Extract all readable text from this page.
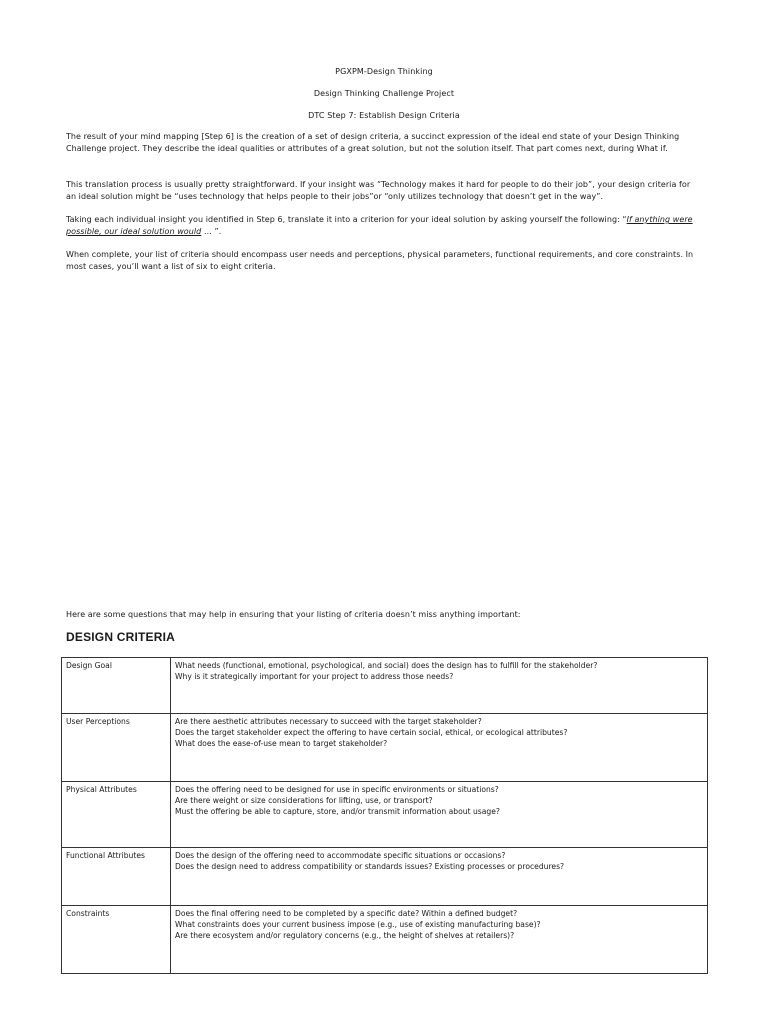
PGXPM-Design Thinking
Design Thinking Challenge Project
DTC Step 7: Establish Design Criteria
The result of your mind mapping [Step 6] is the creation of a set of design criteria, a succinct expression of the ideal end state of your Design Thinking Challenge project. They describe the ideal qualities or attributes of a great solution, but not the solution itself. That part comes next, during What if.
This translation process is usually pretty straightforward. If your insight was “Technology makes it hard for people to do their job”, your design criteria for an ideal solution might be “uses technology that helps people to their jobs”or “only utilizes technology that doesn’t get in the way”.
Taking each individual insight you identified in Step 6, translate it into a criterion for your ideal solution by asking yourself the following: “If anything were possible, our ideal solution would … ”.
When complete, your list of criteria should encompass user needs and perceptions, physical parameters, functional requirements, and core constraints. In most cases, you’ll want a list of six to eight criteria.
Here are some questions that may help in ensuring that your listing of criteria doesn’t miss anything important:
DESIGN CRITERIA
Design Goal	What needs (functional, emotional, psychological, and social) does the design has to fulfill for the stakeholder?
Why is it strategically important for your project to address those needs?

User Perceptions	Are there aesthetic attributes necessary to succeed with the target stakeholder?
Does the target stakeholder expect the offering to have certain social, ethical, or ecological attributes?
What does the ease-of-use mean to target stakeholder?

Physical Attributes	Does the offering need to be designed for use in specific environments or situations?
Are there weight or size considerations for lifting, use, or transport?
Must the offering be able to capture, store, and/or transmit information about usage?

Functional Attributes	Does the design of the offering need to accommodate specific situations or occasions?
Does the design need to address compatibility or standards issues? Existing processes or procedures?

Constraints	Does the final offering need to be completed by a specific date? Within a defined budget?
What constraints does your current business impose (e.g., use of existing manufacturing base)?
Are there ecosystem and/or regulatory concerns (e.g., the height of shelves at retailers)?
